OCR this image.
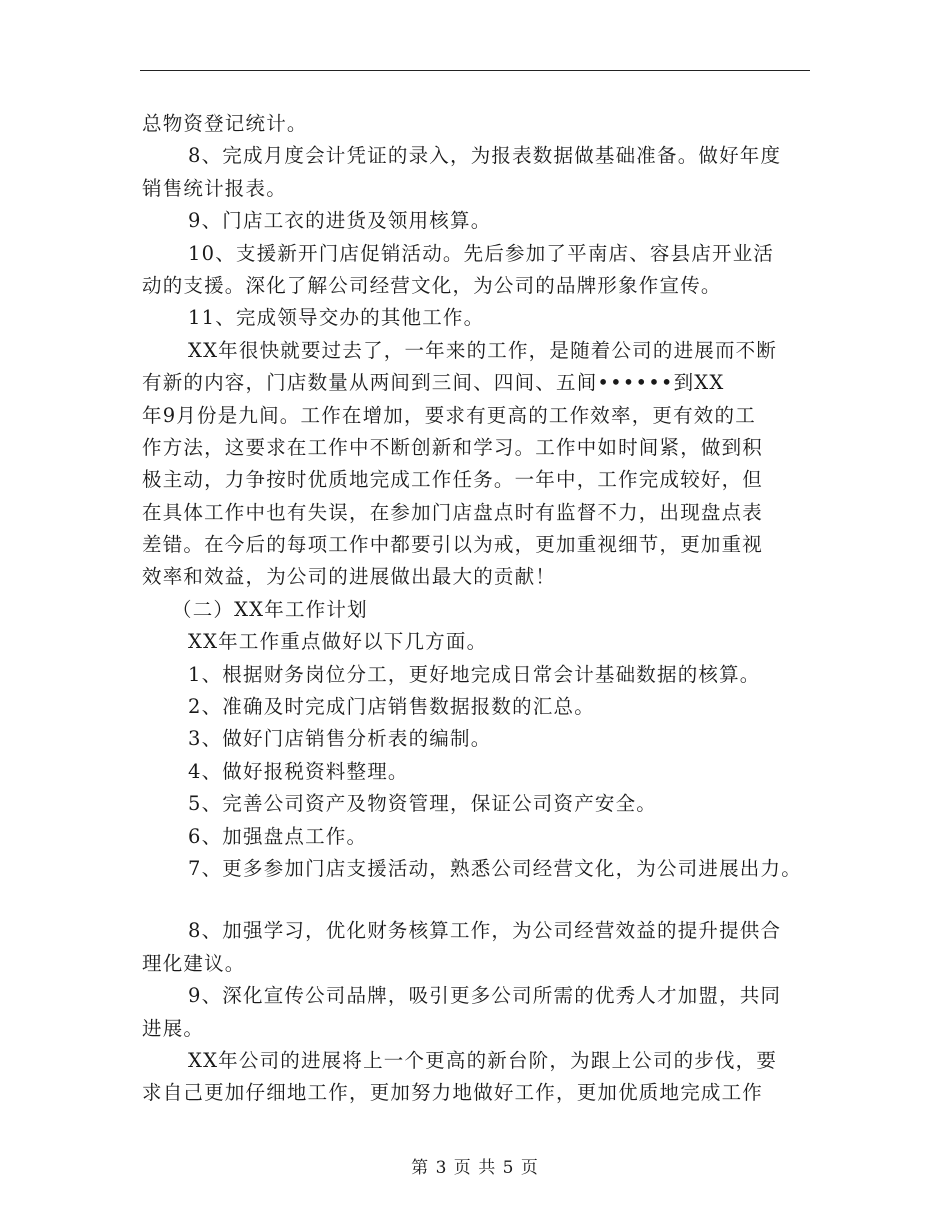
总物资登记统计。
8、完成月度会计凭证的录入，为报表数据做基础准备。做好年度
销售统计报表。
9、门店工衣的进货及领用核算。
10、支援新开门店促销活动。先后参加了平南店、容县店开业活
动的支援。深化了解公司经营文化，为公司的品牌形象作宣传。
11、完成领导交办的其他工作。
XX年很快就要过去了，一年来的工作，是随着公司的进展而不断
有新的内容，门店数量从两间到三间、四间、五间••••••到XX
年9月份是九间。工作在增加，要求有更高的工作效率，更有效的工
作方法，这要求在工作中不断创新和学习。工作中如时间紧，做到积
极主动，力争按时优质地完成工作任务。一年中，工作完成较好，但
在具体工作中也有失误，在参加门店盘点时有监督不力，出现盘点表
差错。在今后的每项工作中都要引以为戒，更加重视细节，更加重视
效率和效益，为公司的进展做出最大的贡献！
（二）XX年工作计划
XX年工作重点做好以下几方面。
1、根据财务岗位分工，更好地完成日常会计基础数据的核算。
2、准确及时完成门店销售数据报数的汇总。
3、做好门店销售分析表的编制。
4、做好报税资料整理。
5、完善公司资产及物资管理，保证公司资产安全。
6、加强盘点工作。
7、更多参加门店支援活动，熟悉公司经营文化，为公司进展出力。
8、加强学习，优化财务核算工作，为公司经营效益的提升提供合
理化建议。
9、深化宣传公司品牌，吸引更多公司所需的优秀人才加盟，共同
进展。
XX年公司的进展将上一个更高的新台阶，为跟上公司的步伐，要
求自己更加仔细地工作，更加努力地做好工作，更加优质地完成工作
第 3 页 共 5 页
